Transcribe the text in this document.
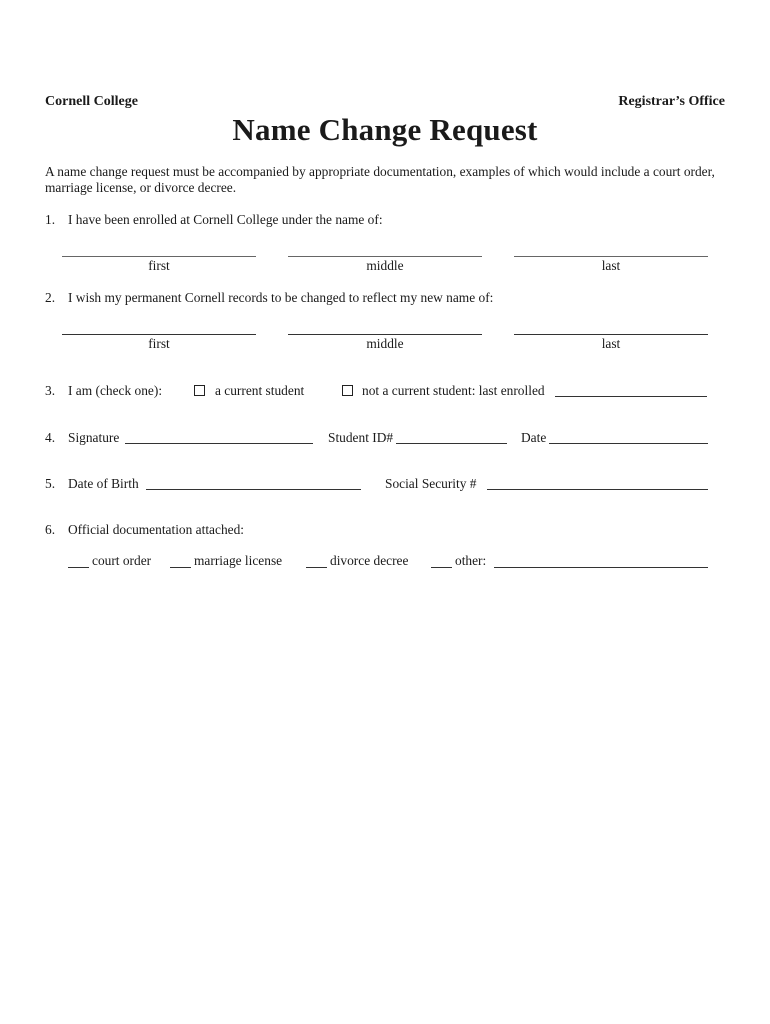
Cornell College	Registrar’s Office
Name Change Request
A name change request must be accompanied by appropriate documentation, examples of which would include a court order, marriage license, or divorce decree.
1. I have been enrolled at Cornell College under the name of:
first	middle	last
2. I wish my permanent Cornell records to be changed to reflect my new name of:
first	middle	last
3. I am (check one):	a current student	not a current student: last enrolled
4. Signature	Student ID#	Date
5. Date of Birth	Social Security #
6. Official documentation attached:
court order	marriage license	divorce decree	other:
